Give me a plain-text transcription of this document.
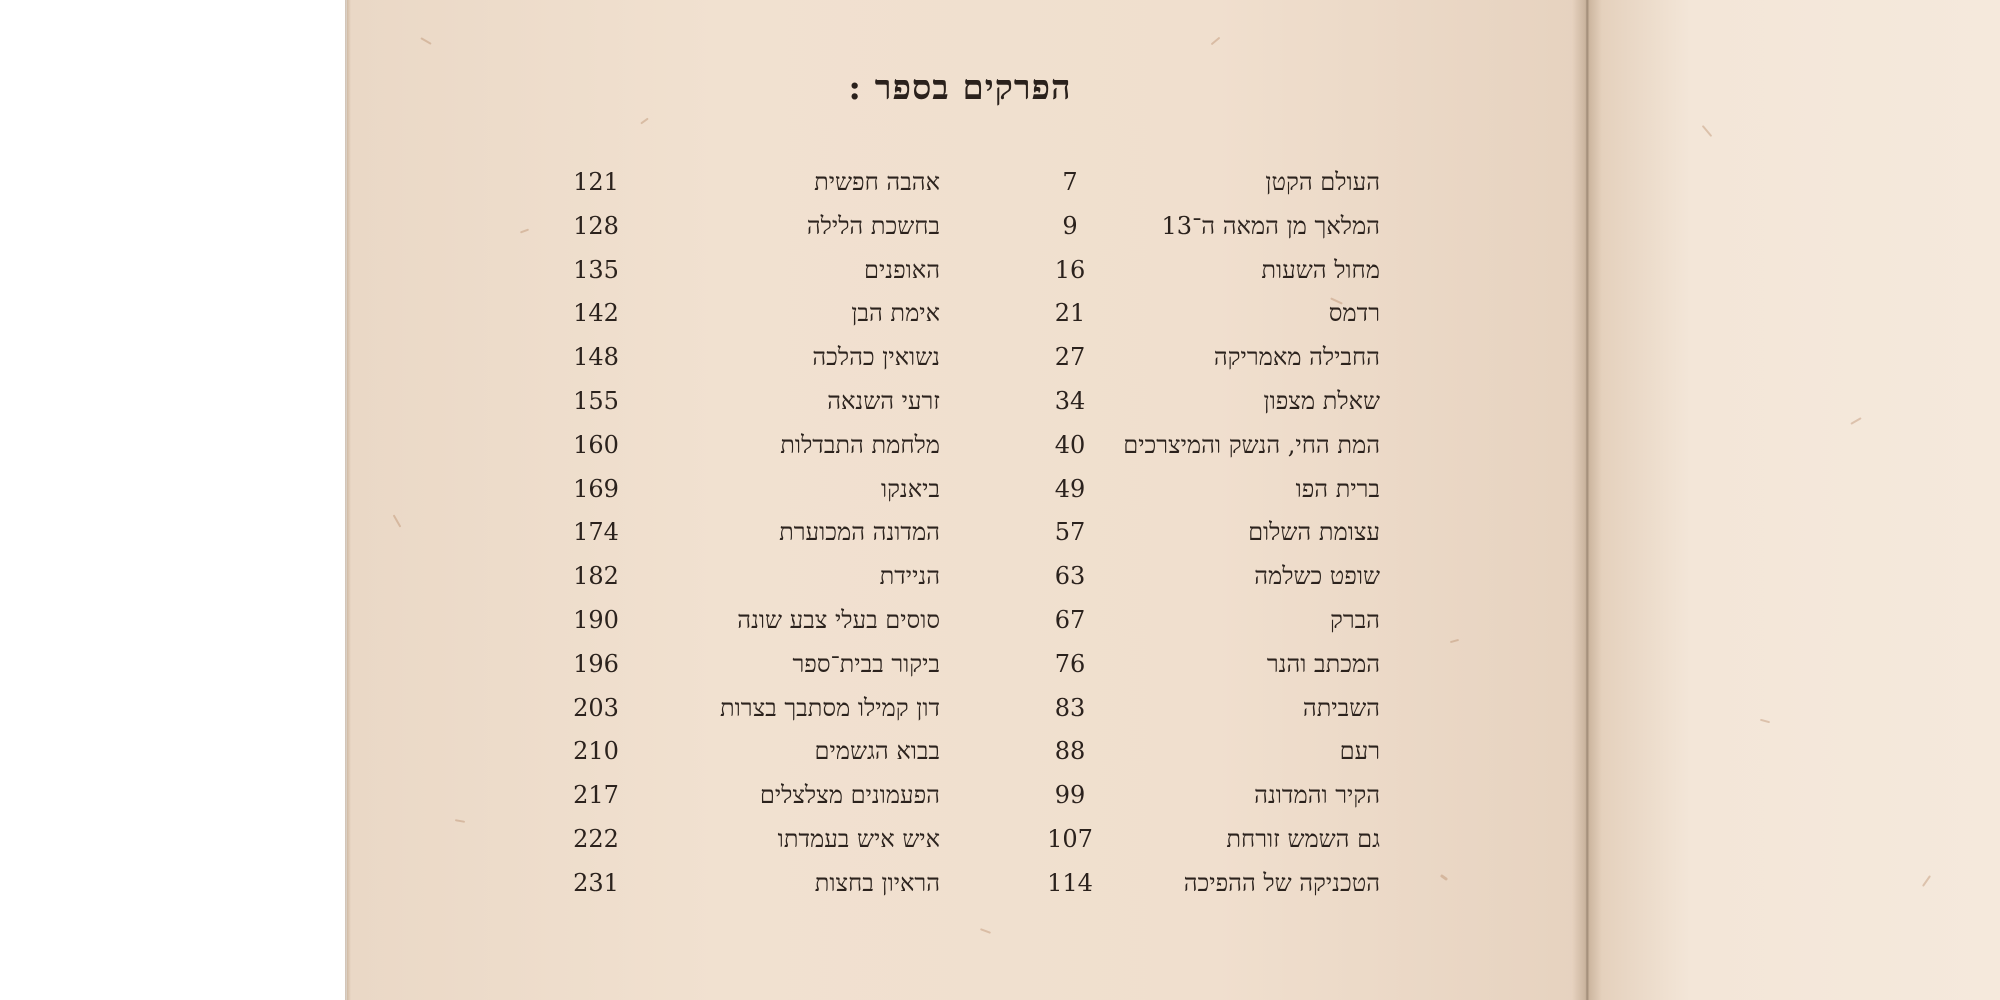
הפרקים בספר :
העולם הקטן
7
המלאך מן המאה ה־13
9
מחול השעות
16
רדמס
21
החבילה מאמריקה
27
שאלת מצפון
34
המת החי, הנשק והמיצרכים
40
ברית הפו
49
עצומת השלום
57
שופט כשלמה
63
הברק
67
המכתב והנר
76
השביתה
83
רעם
88
הקיר והמדונה
99
גם השמש זורחת
107
הטכניקה של ההפיכה
114
אהבה חפשית
121
בחשכת הלילה
128
האופנים
135
אימת הבן
142
נשואין כהלכה
148
זרעי השנאה
155
מלחמת התבדלות
160
ביאנקו
169
המדונה המכוערת
174
הניידת
182
סוסים בעלי צבע שונה
190
ביקור בבית־ספר
196
דון קמילו מסתבך בצרות
203
בבוא הגשמים
210
הפעמונים מצלצלים
217
איש איש בעמדתו
222
הראיון בחצות
231
